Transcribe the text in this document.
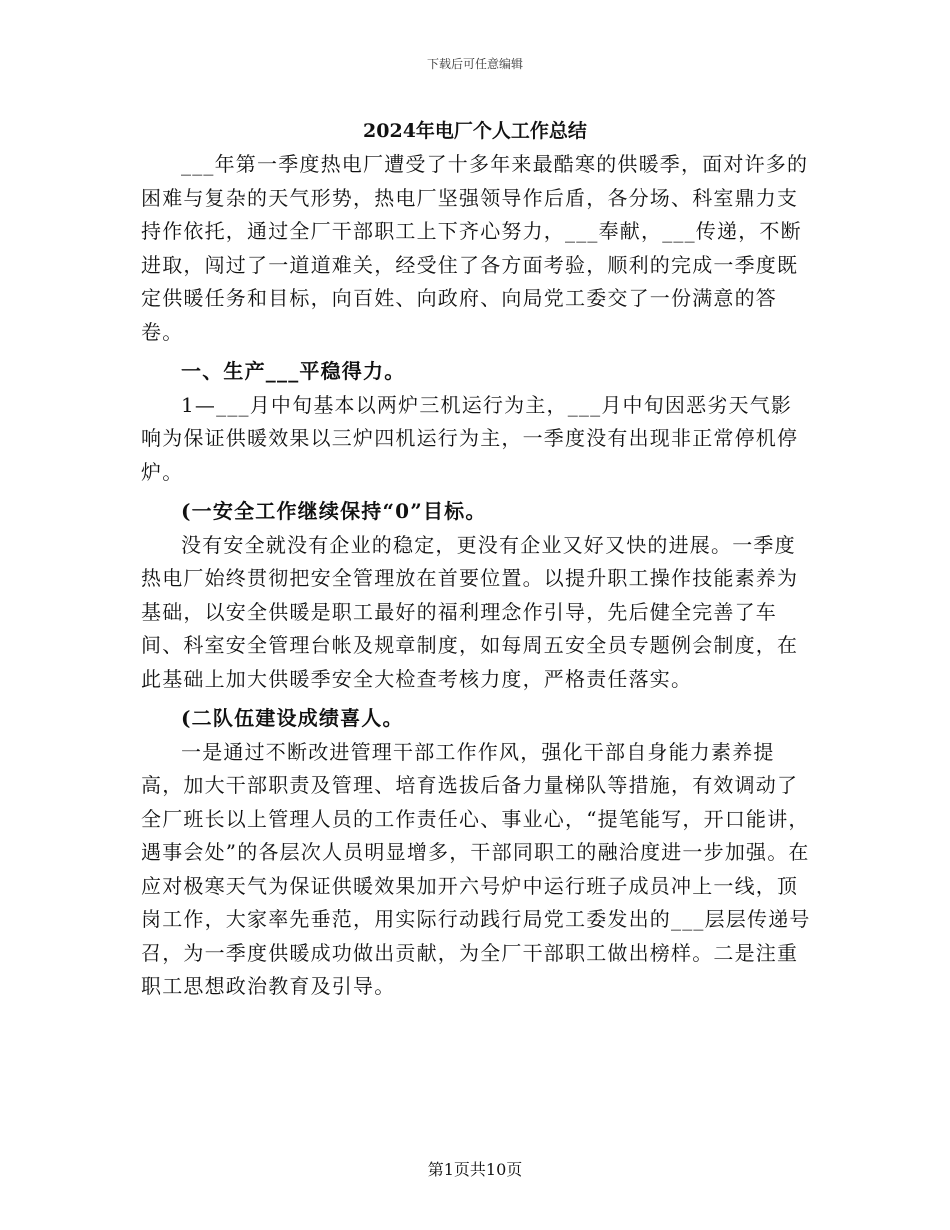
下载后可任意编辑
2024年电厂个人工作总结

___年第一季度热电厂遭受了十多年来最酷寒的供暖季，面对许多的困难与复杂的天气形势，热电厂坚强领导作后盾，各分场、科室鼎力支持作依托，通过全厂干部职工上下齐心努力，___奉献，___传递，不断进取，闯过了一道道难关，经受住了各方面考验，顺利的完成一季度既定供暖任务和目标，向百姓、向政府、向局党工委交了一份满意的答卷。

一、生产___平稳得力。

1—___月中旬基本以两炉三机运行为主，___月中旬因恶劣天气影响为保证供暖效果以三炉四机运行为主，一季度没有出现非正常停机停炉。

(一安全工作继续保持“0”目标。

没有安全就没有企业的稳定，更没有企业又好又快的进展。一季度热电厂始终贯彻把安全管理放在首要位置。以提升职工操作技能素养为基础，以安全供暖是职工最好的福利理念作引导，先后健全完善了车间、科室安全管理台帐及规章制度，如每周五安全员专题例会制度，在此基础上加大供暖季安全大检查考核力度，严格责任落实。

(二队伍建设成绩喜人。

一是通过不断改进管理干部工作作风，强化干部自身能力素养提高，加大干部职责及管理、培育选拔后备力量梯队等措施，有效调动了全厂班长以上管理人员的工作责任心、事业心，“提笔能写，开口能讲，遇事会处”的各层次人员明显增多，干部同职工的融洽度进一步加强。在应对极寒天气为保证供暖效果加开六号炉中运行班子成员冲上一线，顶岗工作，大家率先垂范，用实际行动践行局党工委发出的___层层传递号召，为一季度供暖成功做出贡献，为全厂干部职工做出榜样。二是注重职工思想政治教育及引导。

第1页共10页
